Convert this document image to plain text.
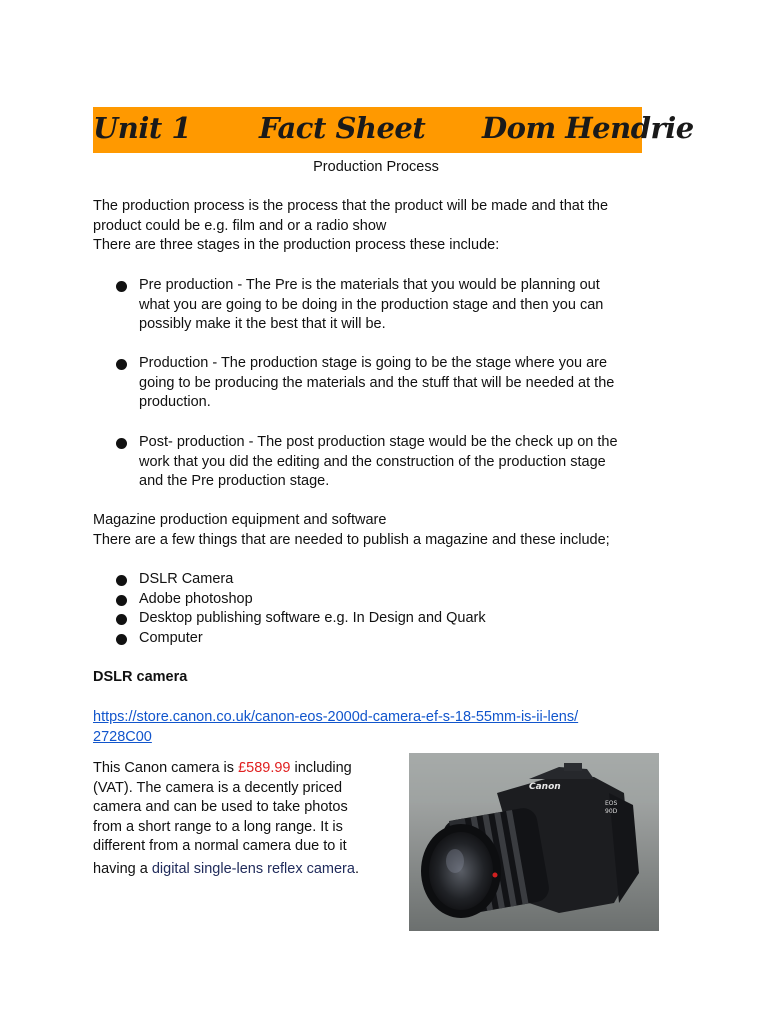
Unit 1 Fact Sheet Dom Hendrie
Production Process
The production process is the process that the product will be made and that the
product could be e.g. film and or a radio show
There are three stages in the production process these include:
Pre production - The Pre is the materials that you would be planning out
what you are going to be doing in the production stage and then you can
possibly make it the best that it will be.
Production - The production stage is going to be the stage where you are
going to be producing the materials and the stuff that will be needed at the
production.
Post- production - The post production stage would be the check up on the
work that you did the editing and the construction of the production stage
and the Pre production stage.
Magazine production equipment and software
There are a few things that are needed to publish a magazine and these include;
DSLR Camera
Adobe photoshop
Desktop publishing software e.g. In Design and Quark
Computer
DSLR camera
https://store.canon.co.uk/canon-eos-2000d-camera-ef-s-18-55mm-is-ii-lens/
2728C00
This Canon camera is £589.99 including
(VAT). The camera is a decently priced
camera and can be used to take photos
from a short range to a long range. It is
different from a normal camera due to it
having a digital single-lens reflex camera.
Canon
EOS
90D
